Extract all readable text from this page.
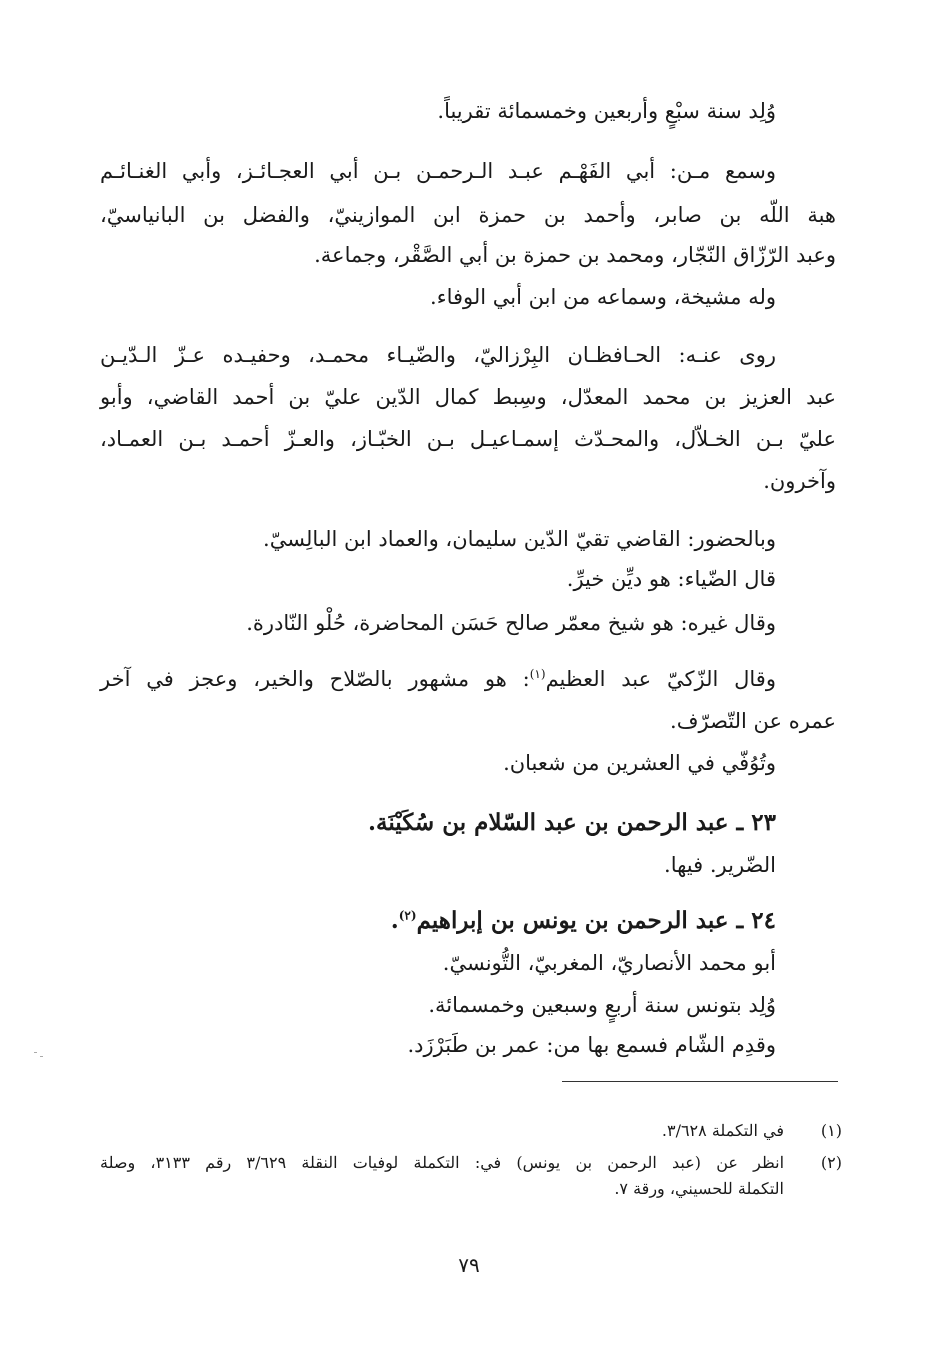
وُلِد سنة سبْعٍ وأربعين وخمسمائة تقريباً.
وسمع مـن: أبي الفَهْـم عبـد الـرحمـن بـن أبي العجـائـز، وأبي الغنـائـم
هبة اللّه بن صابر، وأحمد بن حمزة ابن الموازينيّ، والفضل بن البانياسيّ،
وعبد الرّزّاق النّجّار، ومحمد بن حمزة بن أبي الصَّقْر، وجماعة.
وله مشيخة، وسماعه من ابن أبي الوفاء.
روى عنـه: الحـافظـان البِرْزاليّ، والضّيـاء محمـد، وحفيـده عـزّ الـدّيـن
عبد العزيز بن محمد المعدّل، وسِبط كمال الدّين عليّ بن أحمد القاضي، وأبو
عليّ بـن الخـلاّل، والمحـدّث إسمـاعيـل بـن الخبّـاز، والعـزّ أحمـد بـن العمـاد،
وآخرون.
وبالحضور: القاضي تقيّ الدّين سليمان، والعماد ابن البالِسيّ.
قال الضّياء: هو ديِّن خيرِّ.
وقال غيره: هو شيخ معمّر صالح حَسَن المحاضرة، حُلْو النّادرة.
وقال الزّكيّ عبد العظيم$^{(١)}$: هو مشهور بالصّلاح والخير، وعجز في آخر
عمره عن التّصرّف.
وتُوُفّي في العشرين من شعبان.
٢٣ ـ عبد الرحمن بن عبد السّلام بن سُكَيْنَة.
الضّرير. فيها.
٢٤ ـ عبد الرحمن بن يونس بن إبراهيم$^{(٢)}$.
أبو محمد الأنصاريّ، المغربيّ، التُّونسيّ.
وُلِد بتونس سنة أربعٍ وسبعين وخمسمائة.
وقدِم الشّام فسمع بها من: عمر بن طَبَرْزَد.
(١)
في التكملة ٣/٦٢٨.
(٢)
انظر عن (عبد الرحمن بن يونس) في: التكملة لوفيات النقلة ٣/٦٢٩ رقم ٣١٣٣، وصلة
التكملة للحسيني، ورقة ٧.
٧٩
